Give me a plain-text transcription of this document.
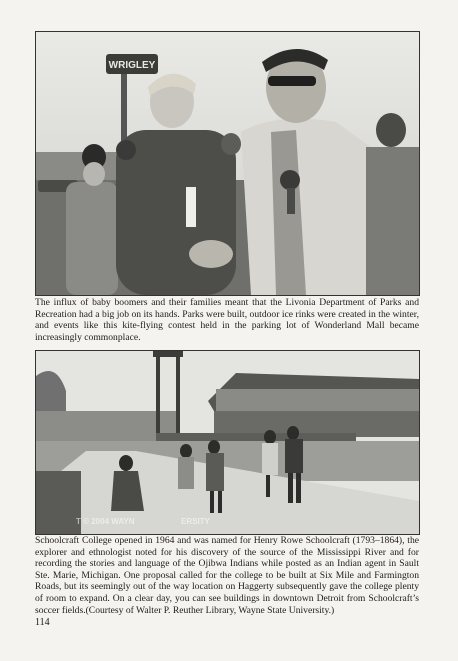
WRIGLEY

The influx of baby boomers and their families meant that the Livonia Department of Parks and Recreation had a big job on its hands. Parks were built, outdoor ice rinks were created in the winter, and events like this kite-flying contest held in the parking lot of Wonderland Mall became increasingly commonplace.

T © 2004 WAYN	ERSITY

Schoolcraft College opened in 1964 and was named for Henry Rowe Schoolcraft (1793–1864), the explorer and ethnologist noted for his discovery of the source of the Mississippi River and for recording the stories and language of the Ojibwa Indians while posted as an Indian agent in Sault Ste. Marie, Michigan. One proposal called for the college to be built at Six Mile and Farmington Roads, but its seemingly out of the way location on Haggerty subsequently gave the college plenty of room to expand. On a clear day, you can see buildings in downtown Detroit from Schoolcraft’s soccer fields.(Courtesy of Walter P. Reuther Library, Wayne State University.)

114
